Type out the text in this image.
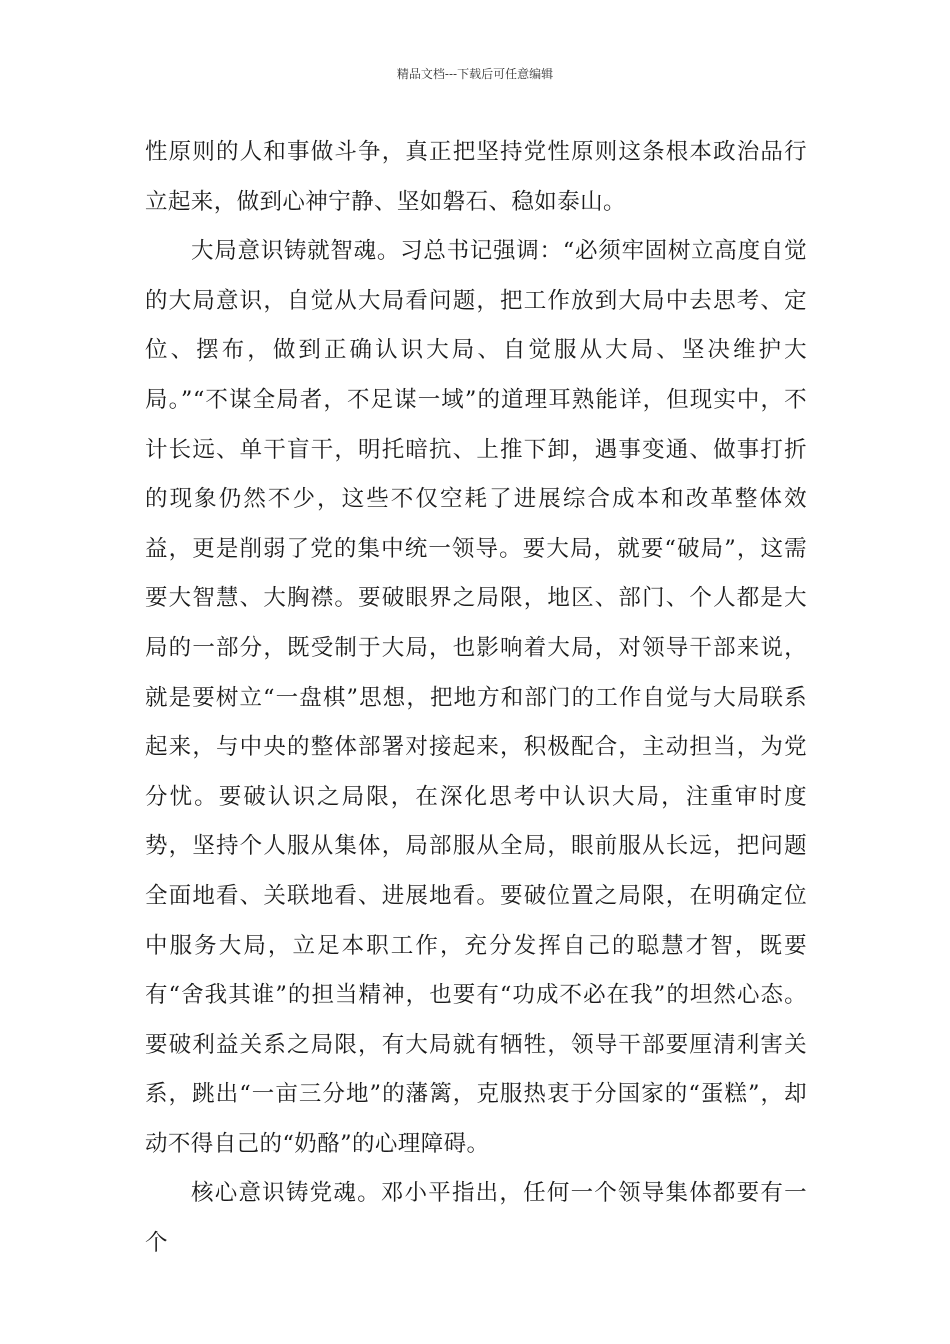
精品文档---下载后可任意编辑

性原则的人和事做斗争，真正把坚持党性原则这条根本政治品行立起来，做到心神宁静、坚如磐石、稳如泰山。

大局意识铸就智魂。习总书记强调：“必须牢固树立高度自觉的大局意识，自觉从大局看问题，把工作放到大局中去思考、定位、摆布，做到正确认识大局、自觉服从大局、坚决维护大局。”“不谋全局者，不足谋一域”的道理耳熟能详，但现实中，不计长远、单干盲干，明托暗抗、上推下卸，遇事变通、做事打折的现象仍然不少，这些不仅空耗了进展综合成本和改革整体效益，更是削弱了党的集中统一领导。要大局，就要“破局”，这需要大智慧、大胸襟。要破眼界之局限，地区、部门、个人都是大局的一部分，既受制于大局，也影响着大局，对领导干部来说，就是要树立“一盘棋”思想，把地方和部门的工作自觉与大局联系起来，与中央的整体部署对接起来，积极配合，主动担当，为党分忧。要破认识之局限，在深化思考中认识大局，注重审时度势，坚持个人服从集体，局部服从全局，眼前服从长远，把问题全面地看、关联地看、进展地看。要破位置之局限，在明确定位中服务大局，立足本职工作，充分发挥自己的聪慧才智，既要有“舍我其谁”的担当精神，也要有“功成不必在我”的坦然心态。要破利益关系之局限，有大局就有牺牲，领导干部要厘清利害关系，跳出“一亩三分地”的藩篱，克服热衷于分国家的“蛋糕”，却动不得自己的“奶酪”的心理障碍。

核心意识铸党魂。邓小平指出，任何一个领导集体都要有一个
